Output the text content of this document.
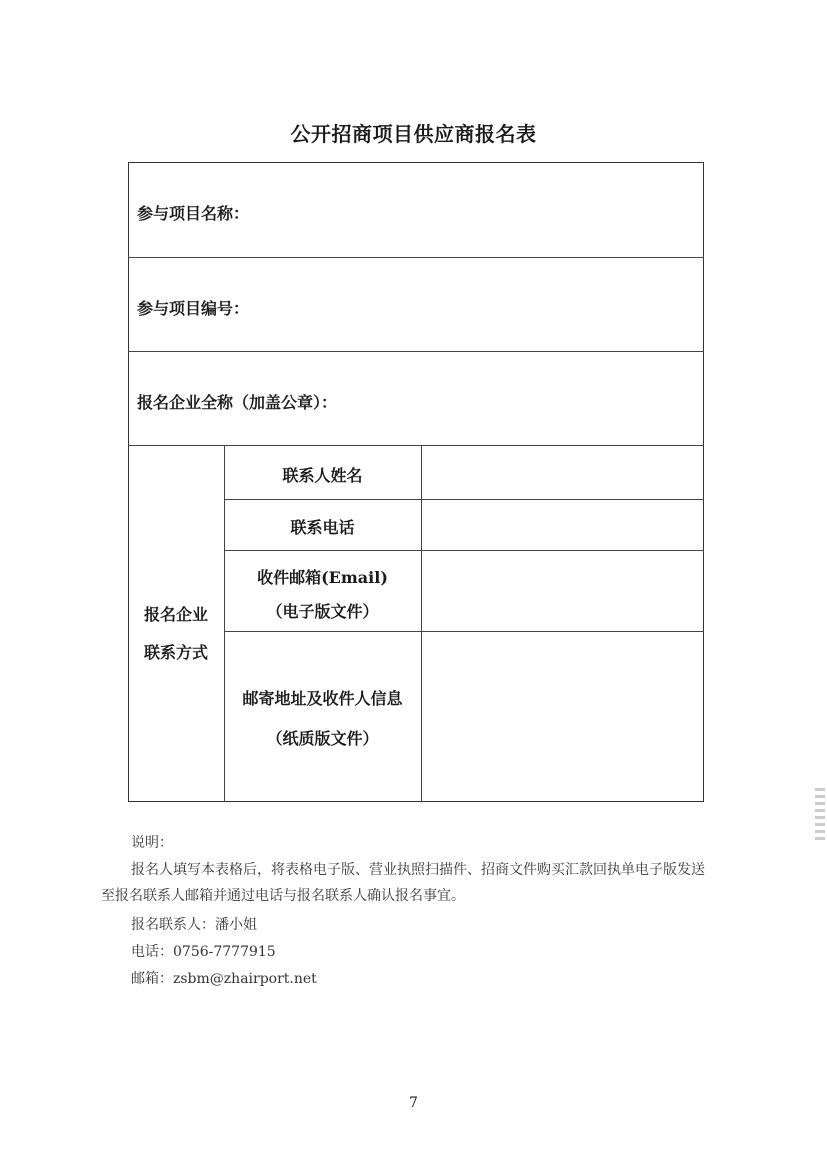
公开招商项目供应商报名表
参与项目名称：
参与项目编号：
报名企业全称（加盖公章）：
报名企业
联系方式
联系人姓名
联系电话
收件邮箱(Email)
（电子版文件）
邮寄地址及收件人信息
（纸质版文件）
说明：
报名人填写本表格后，将表格电子版、营业执照扫描件、招商文件购买汇款回执单电子版发送
至报名联系人邮箱并通过电话与报名联系人确认报名事宜。
报名联系人：潘小姐
电话：0756-7777915
邮箱：zsbm@zhairport.net
7
